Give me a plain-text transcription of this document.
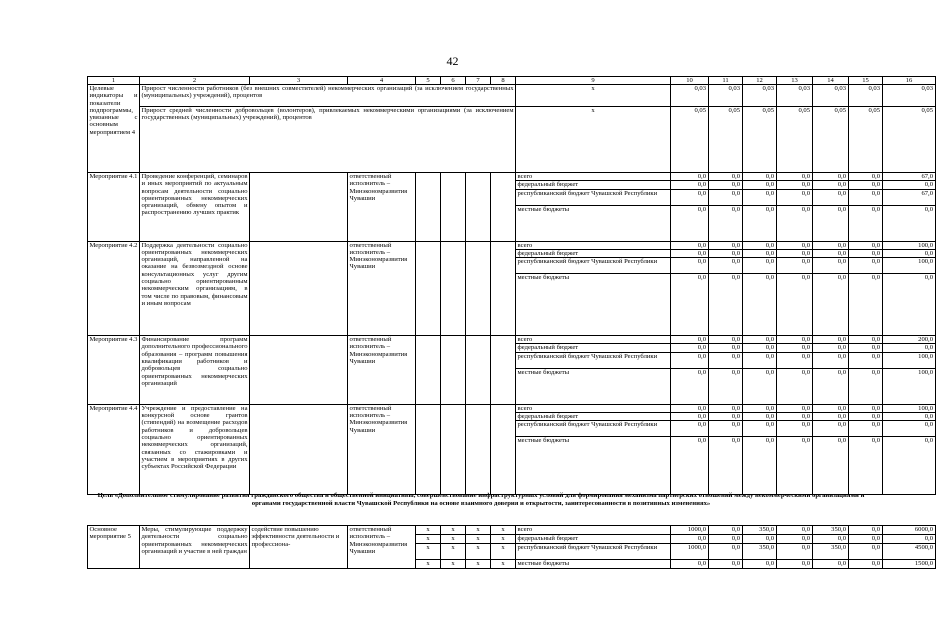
42
1	2	3	4	5	6	7	8	9	10	11	12	13	14	15	16
Целевые индикаторы и показатели подпрограммы, увязанные с основным мероприятием 4	Прирост численности работников (без внешних совместителей) некоммерческих организаций (за исключением государственных (муниципальных) учреждений), процентов							x	0,03	0,03	0,03	0,03	0,03	0,03	0,03
	Прирост средней численности добровольцев (волонтеров), привлекаемых некоммерческими организациями (за исключением государственных (муниципальных) учреждений), процентов							x	0,05	0,05	0,05	0,05	0,05	0,05	0,05
Мероприятие 4.1	Проведение конференций, семинаров и иных мероприятий по актуальным вопросам деятельности социально ориентированных некоммерческих организаций, обмену опытом и распространению лучших практик		ответственный исполнитель – Минэкономразвития Чувашии					всего	0,0	0,0	0,0	0,0	0,0	0,0	67,0
								федеральный бюджет	0,0	0,0	0,0	0,0	0,0	0,0	0,0
								республиканский бюджет Чувашской Республики	0,0	0,0	0,0	0,0	0,0	0,0	67,0
								местные бюджеты	0,0	0,0	0,0	0,0	0,0	0,0	0,0
Мероприятие 4.2	Поддержка деятельности социально ориентированных некоммерческих организаций, направленной на оказание на безвозмездной основе консультационных услуг другим социально ориентированным некоммерческим организациям, в том числе по правовым, финансовым и иным вопросам		ответственный исполнитель – Минэкономразвития Чувашии					всего	0,0	0,0	0,0	0,0	0,0	0,0	100,0
								федеральный бюджет	0,0	0,0	0,0	0,0	0,0	0,0	0,0
								республиканский бюджет Чувашской Республики	0,0	0,0	0,0	0,0	0,0	0,0	100,0
								местные бюджеты	0,0	0,0	0,0	0,0	0,0	0,0	0,0
Мероприятие 4.3	Финансирование программ дополнительного профессионального образования – программ повышения квалификации работников и добровольцев социально ориентированных некоммерческих организаций		ответственный исполнитель – Минэкономразвития Чувашии					всего	0,0	0,0	0,0	0,0	0,0	0,0	200,0
								федеральный бюджет	0,0	0,0	0,0	0,0	0,0	0,0	0,0
								республиканский бюджет Чувашской Республики	0,0	0,0	0,0	0,0	0,0	0,0	100,0
								местные бюджеты	0,0	0,0	0,0	0,0	0,0	0,0	100,0
Мероприятие 4.4	Учреждение и предоставление на конкурсной основе грантов (стипендий) на возмещение расходов работников и добровольцев социально ориентированных некоммерческих организаций, связанных со стажировками и участием в мероприятиях в других субъектах Российской Федерации		ответственный исполнитель – Минэкономразвития Чувашии					всего	0,0	0,0	0,0	0,0	0,0	0,0	100,0
								федеральный бюджет	0,0	0,0	0,0	0,0	0,0	0,0	0,0
								республиканский бюджет Чувашской Республики	0,0	0,0	0,0	0,0	0,0	0,0	0,0
								местные бюджеты	0,0	0,0	0,0	0,0	0,0	0,0	0,0
Цель «Дополнительное стимулирование развития гражданского общества и общественной инициативы, совершенствование инфраструктурных условий для формирования механизма партнерских отношений между некоммерческими организациями и органами государственной власти Чувашской Республики на основе взаимного доверия и открытости, заинтересованности в позитивных изменениях»
Основное мероприятие 5	Меры, стимулирующие поддержку деятельности социально ориентированных некоммерческих организаций и участие в ней граждан	содействие повышению эффективности деятельности и профессиона-	ответственный исполнитель – Минэкономразвития Чувашии	x	x	x	x	всего	1000,0	0,0	350,0	0,0	350,0	0,0	6000,0
				x	x	x	x	федеральный бюджет	0,0	0,0	0,0	0,0	0,0	0,0	0,0
				x	x	x	x	республиканский бюджет Чувашской Республики	1000,0	0,0	350,0	0,0	350,0	0,0	4500,0
				x	x	x	x	местные бюджеты	0,0	0,0	0,0	0,0	0,0	0,0	1500,0
